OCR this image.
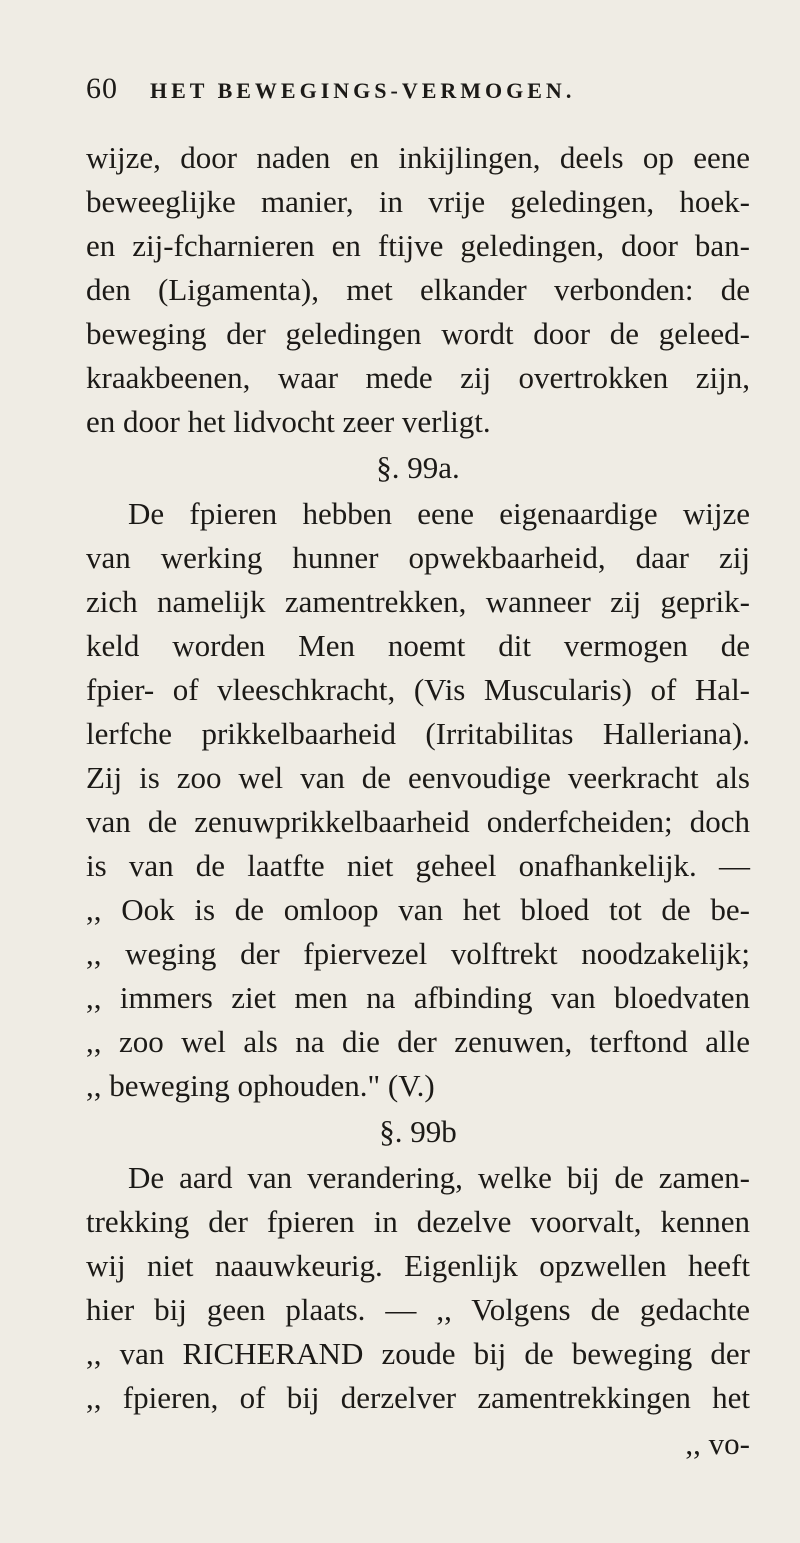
60 HET BEWEGINGS-VERMOGEN.
wijze, door naden en inkijlingen, deels op eene
beweeglijke manier, in vrije geledingen, hoek-
en zij-fcharnieren en ftijve geledingen, door ban-
den (Ligamenta), met elkander verbonden: de
beweging der geledingen wordt door de geleed-
kraakbeenen, waar mede zij overtrokken zijn,
en door het lidvocht zeer verligt.
§. 99a.
De fpieren hebben eene eigenaardige wijze
van werking hunner opwekbaarheid, daar zij
zich namelijk zamentrekken, wanneer zij geprik-
keld worden Men noemt dit vermogen de
fpier- of vleeschkracht, (Vis Muscularis) of Hal-
lerfche prikkelbaarheid (Irritabilitas Halleriana).
Zij is zoo wel van de eenvoudige veerkracht als
van de zenuwprikkelbaarheid onderfcheiden; doch
is van de laatfte niet geheel onafhankelijk. —
,, Ook is de omloop van het bloed tot de be-
,, weging der fpiervezel volftrekt noodzakelijk;
,, immers ziet men na afbinding van bloedvaten
,, zoo wel als na die der zenuwen, terftond alle
,, beweging ophouden." (V.)
§. 99b
De aard van verandering, welke bij de zamen-
trekking der fpieren in dezelve voorvalt, kennen
wij niet naauwkeurig. Eigenlijk opzwellen heeft
hier bij geen plaats. — ,, Volgens de gedachte
,, van RICHERAND zoude bij de beweging der
,, fpieren, of bij derzelver zamentrekkingen het
,, vo-
